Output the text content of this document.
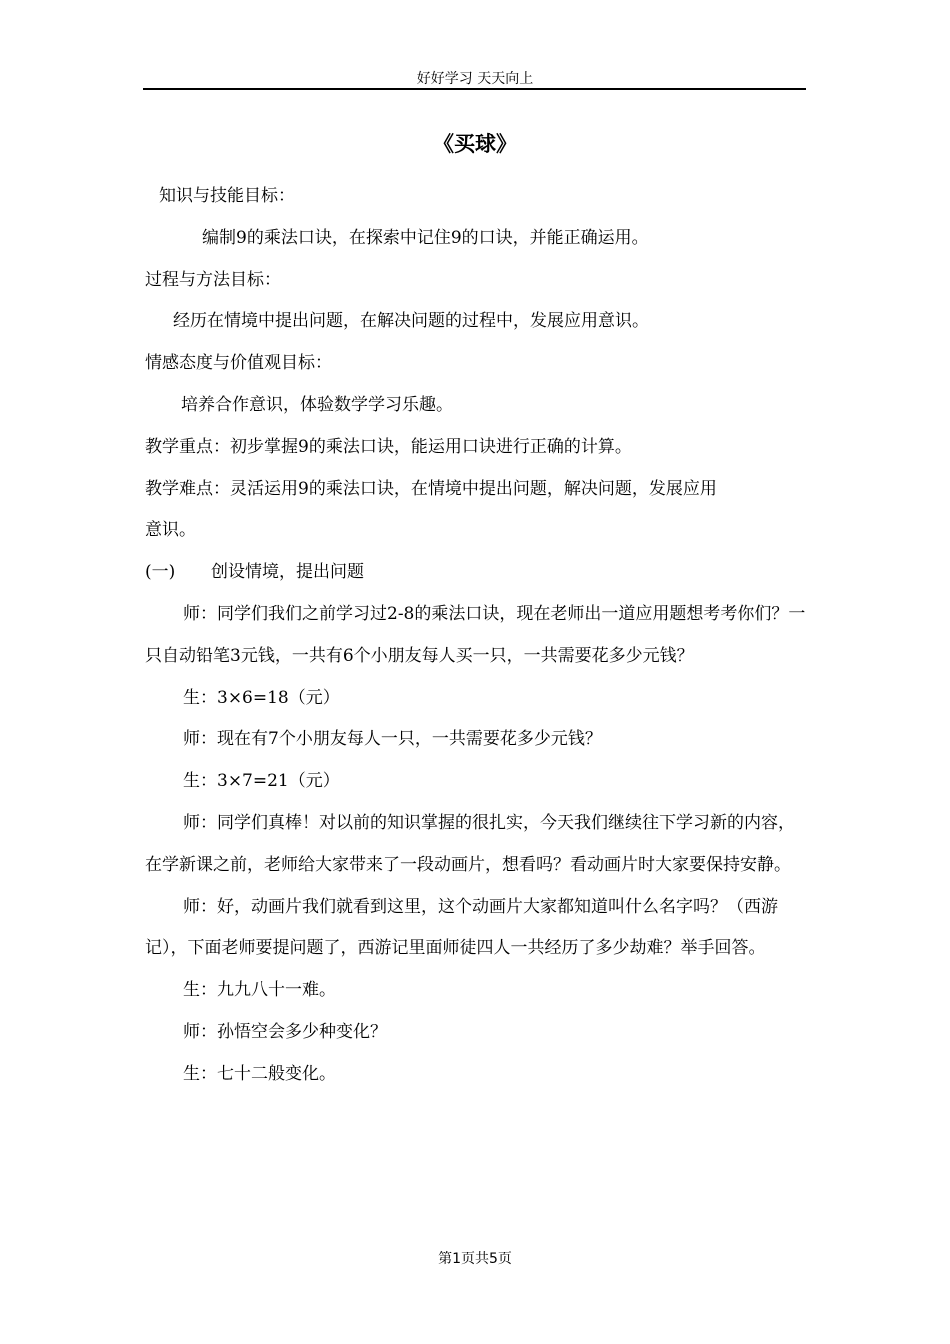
好好学习 天天向上
《买球》

知识与技能目标：

编制9的乘法口诀，在探索中记住9的口诀，并能正确运用。

过程与方法目标：

经历在情境中提出问题，在解决问题的过程中，发展应用意识。

情感态度与价值观目标：

培养合作意识，体验数学学习乐趣。

教学重点：初步掌握9的乘法口诀，能运用口诀进行正确的计算。

教学难点：灵活运用9的乘法口诀，在情境中提出问题，解决问题，发展应用

意识。

(一) 创设情境，提出问题

师：同学们我们之前学习过2-8的乘法口诀，现在老师出一道应用题想考考你们？一只自动铅笔3元钱，一共有6个小朋友每人买一只，一共需要花多少元钱？

生：3×6=18（元）

师：现在有7个小朋友每人一只，一共需要花多少元钱？

生：3×7=21（元）

师：同学们真棒！对以前的知识掌握的很扎实，今天我们继续往下学习新的内容，在学新课之前，老师给大家带来了一段动画片，想看吗？看动画片时大家要保持安静。

师：好，动画片我们就看到这里，这个动画片大家都知道叫什么名字吗？（西游记），下面老师要提问题了，西游记里面师徒四人一共经历了多少劫难？举手回答。

生：九九八十一难。

师：孙悟空会多少种变化？

生：七十二般变化。

第1页共5页
